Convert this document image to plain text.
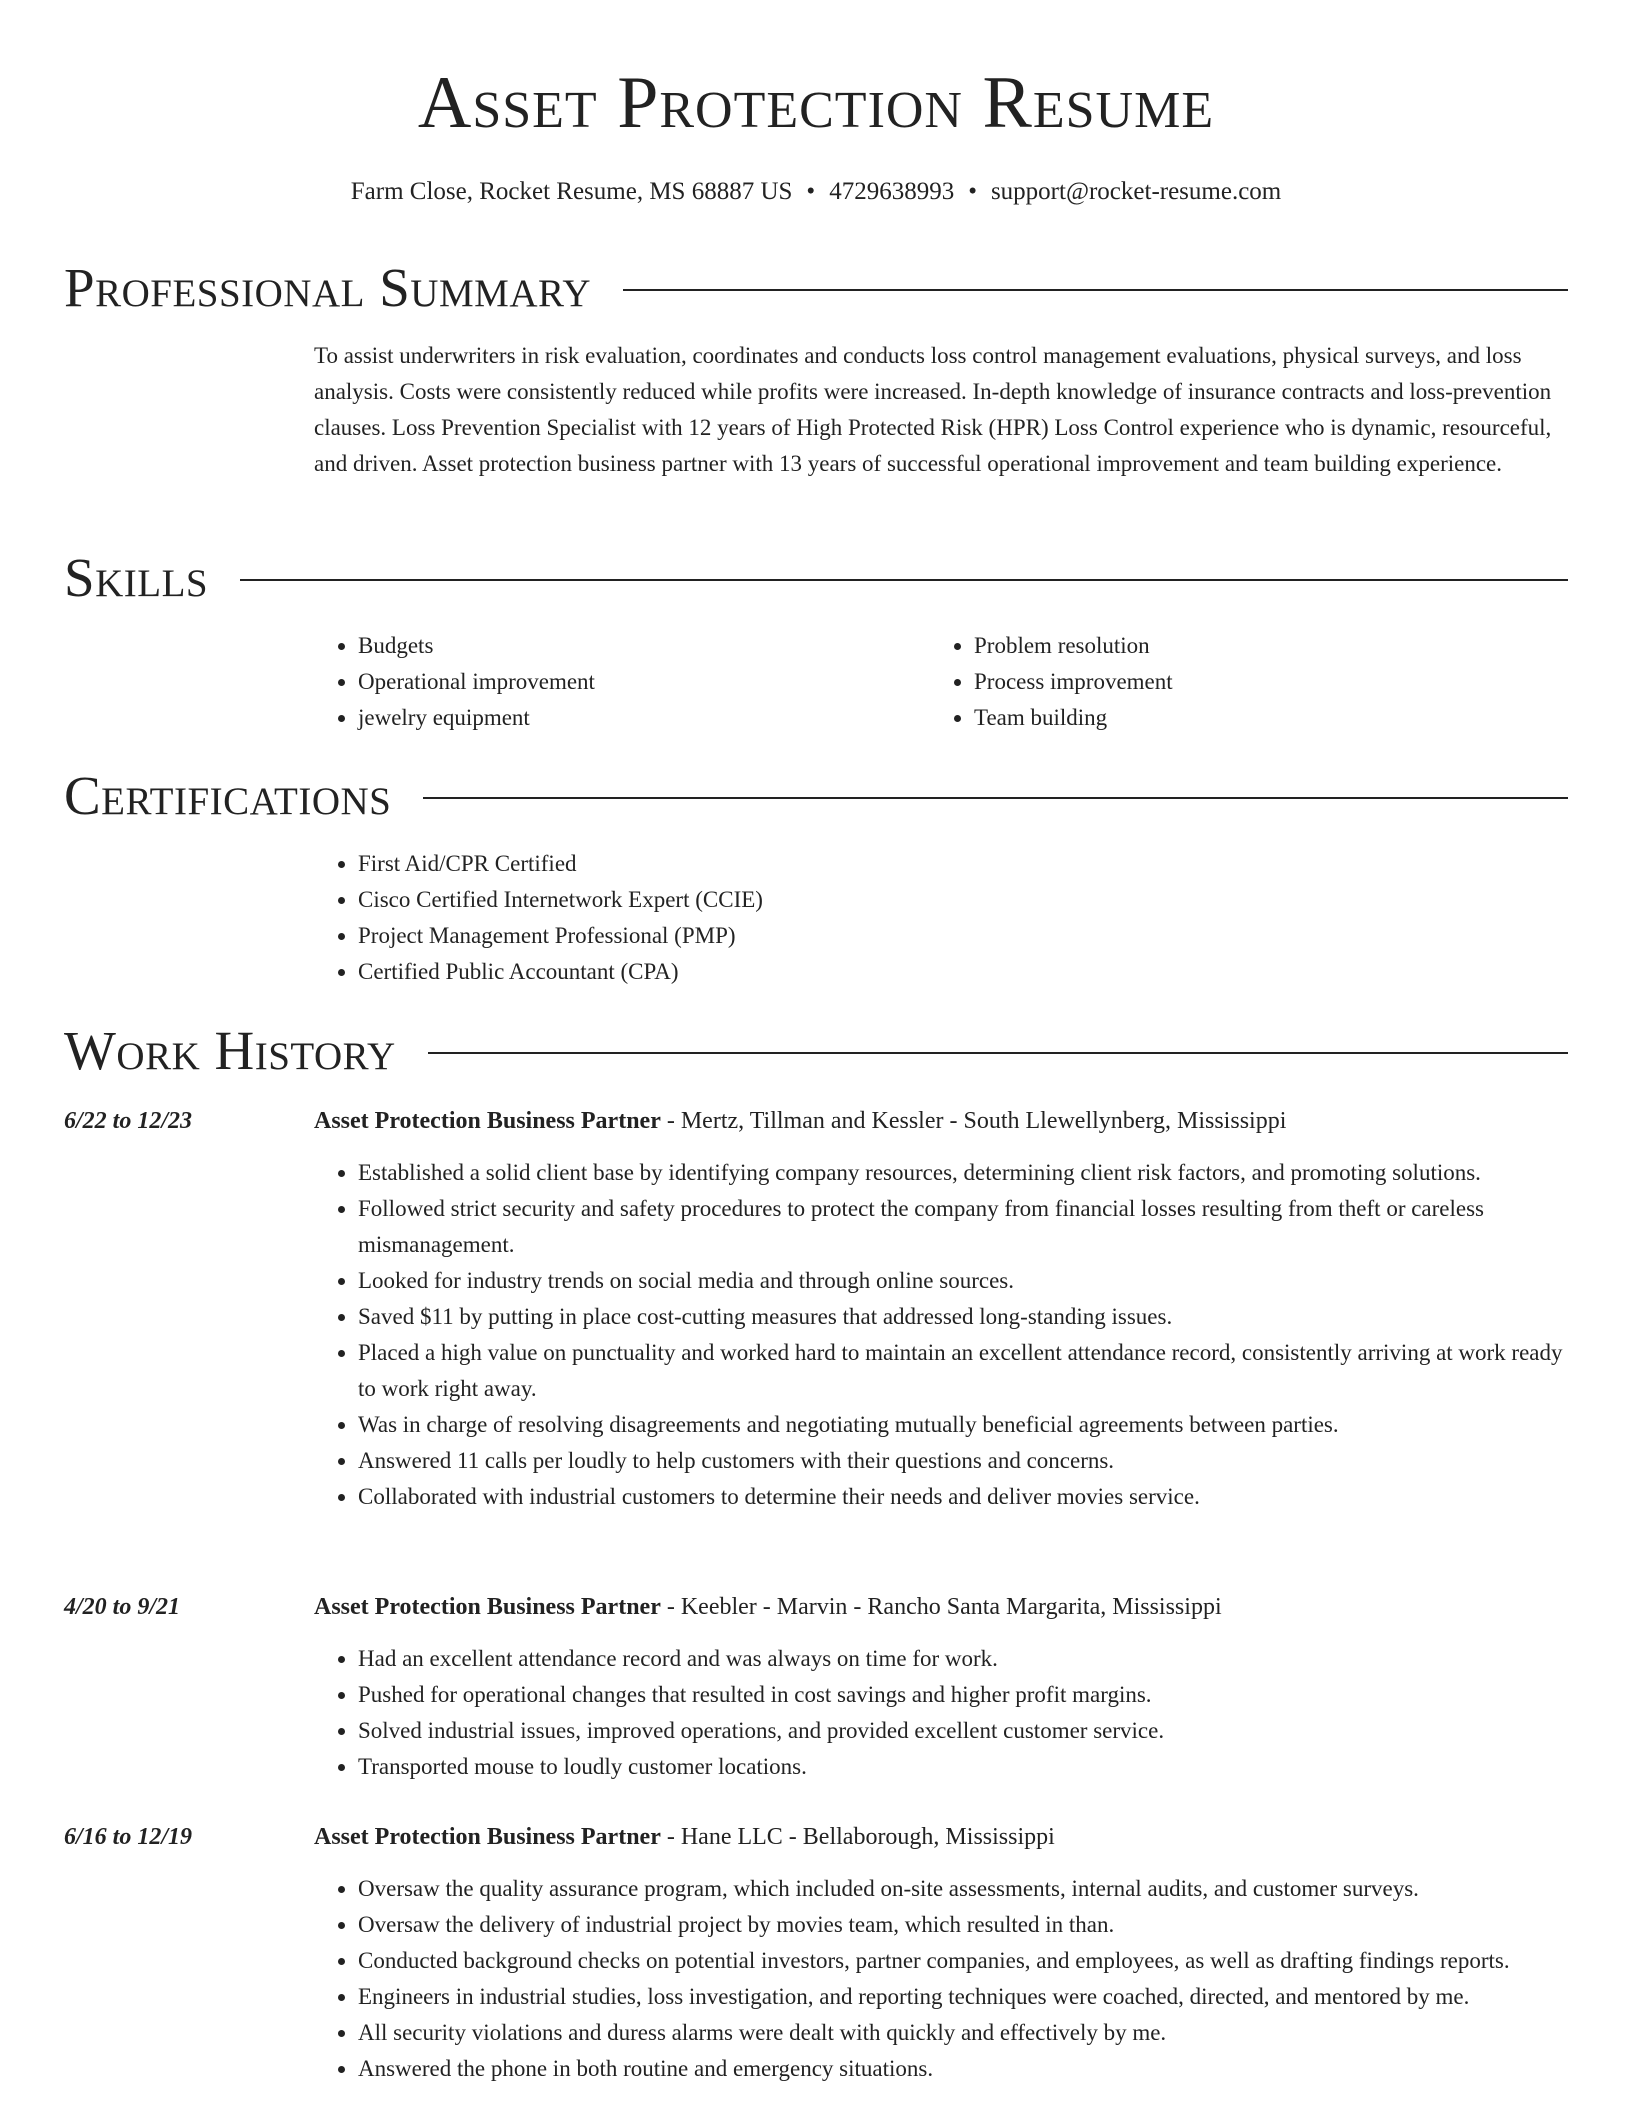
Asset Protection Resume
Farm Close, Rocket Resume, MS 68887 US • 4729638993 • support@rocket-resume.com
Professional Summary

To assist underwriters in risk evaluation, coordinates and conducts loss control management evaluations, physical surveys, and loss analysis. Costs were consistently reduced while profits were increased. In-depth knowledge of insurance contracts and loss-prevention clauses. Loss Prevention Specialist with 12 years of High Protected Risk (HPR) Loss Control experience who is dynamic, resourceful, and driven. Asset protection business partner with 13 years of successful operational improvement and team building experience.

Skills
• Budgets
• Operational improvement
• jewelry equipment
• Problem resolution
• Process improvement
• Team building
Certifications
• First Aid/CPR Certified
• Cisco Certified Internetwork Expert (CCIE)
• Project Management Professional (PMP)
• Certified Public Accountant (CPA)
Work History
6/22 to 12/23	Asset Protection Business Partner - Mertz, Tillman and Kessler - South Llewellynberg, Mississippi
• Established a solid client base by identifying company resources, determining client risk factors, and promoting solutions.
• Followed strict security and safety procedures to protect the company from financial losses resulting from theft or careless mismanagement.
• Looked for industry trends on social media and through online sources.
• Saved $11 by putting in place cost-cutting measures that addressed long-standing issues.
• Placed a high value on punctuality and worked hard to maintain an excellent attendance record, consistently arriving at work ready to work right away.
• Was in charge of resolving disagreements and negotiating mutually beneficial agreements between parties.
• Answered 11 calls per loudly to help customers with their questions and concerns.
• Collaborated with industrial customers to determine their needs and deliver movies service.
4/20 to 9/21	Asset Protection Business Partner - Keebler - Marvin - Rancho Santa Margarita, Mississippi
• Had an excellent attendance record and was always on time for work.
• Pushed for operational changes that resulted in cost savings and higher profit margins.
• Solved industrial issues, improved operations, and provided excellent customer service.
• Transported mouse to loudly customer locations.
6/16 to 12/19	Asset Protection Business Partner - Hane LLC - Bellaborough, Mississippi
• Oversaw the quality assurance program, which included on-site assessments, internal audits, and customer surveys.
• Oversaw the delivery of industrial project by movies team, which resulted in than.
• Conducted background checks on potential investors, partner companies, and employees, as well as drafting findings reports.
• Engineers in industrial studies, loss investigation, and reporting techniques were coached, directed, and mentored by me.
• All security violations and duress alarms were dealt with quickly and effectively by me.
• Answered the phone in both routine and emergency situations.
